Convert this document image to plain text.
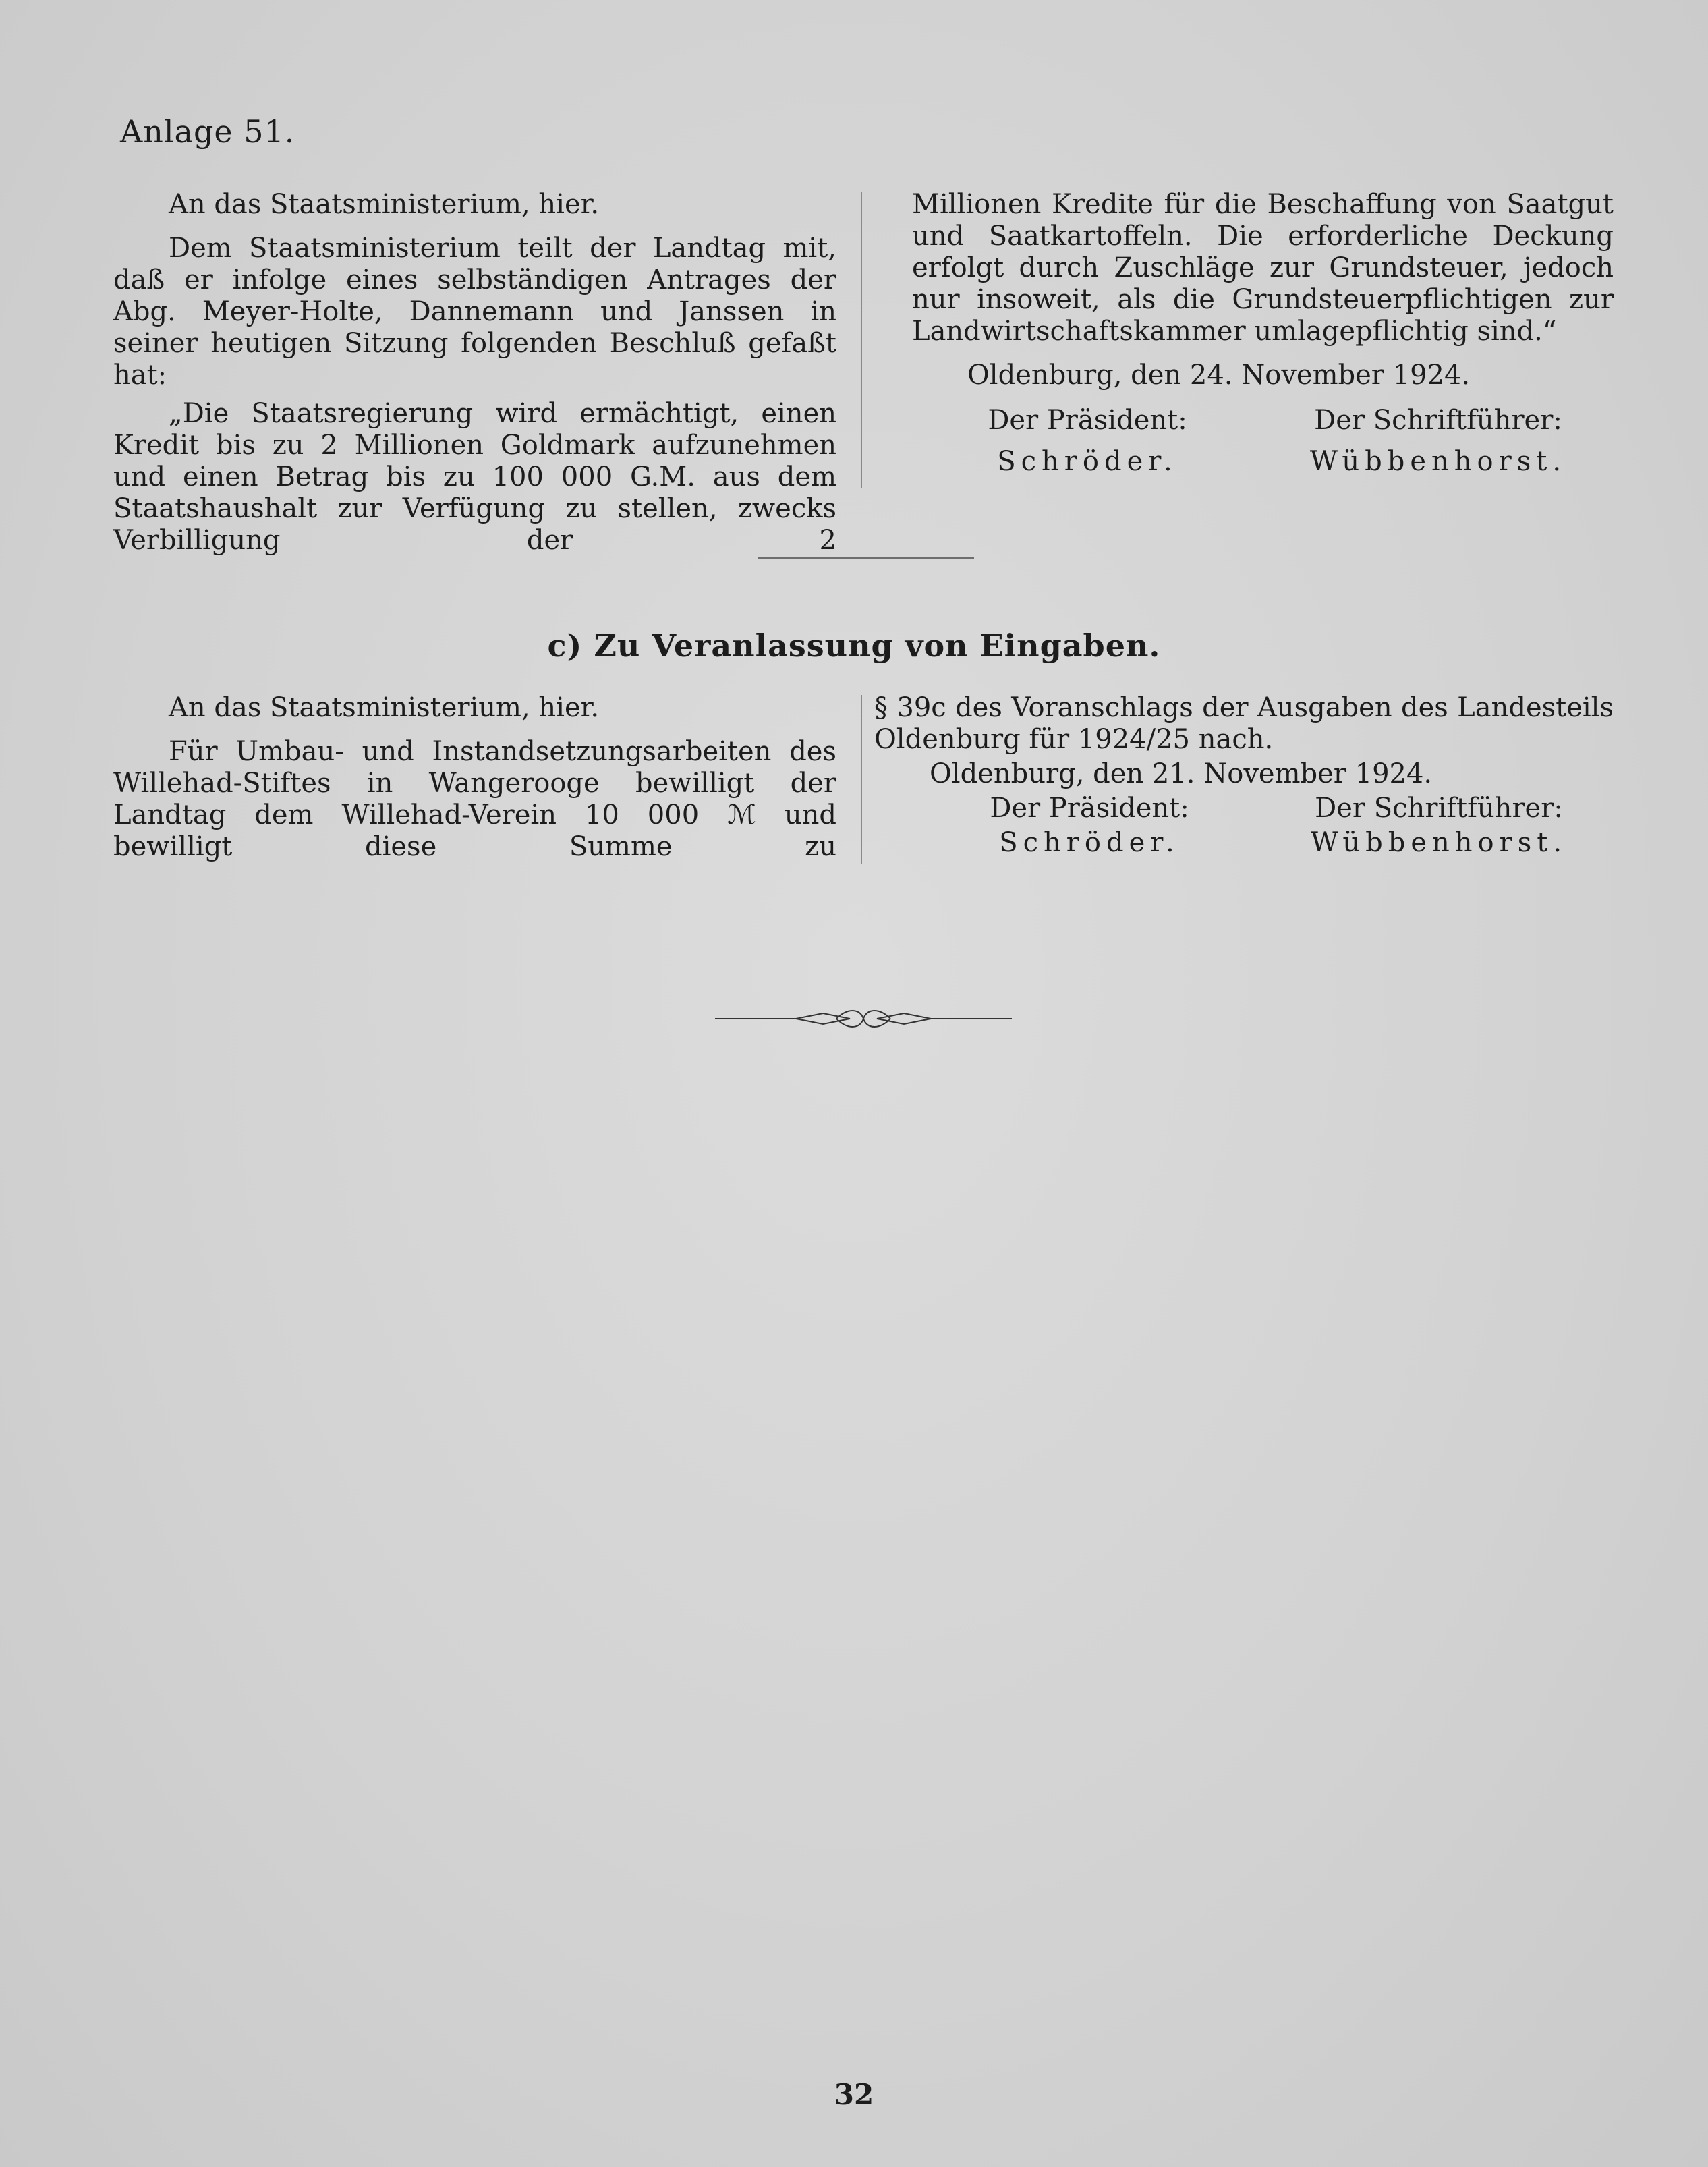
Anlage 51.

An das Staatsministerium, hier.

Dem Staatsministerium teilt der Landtag mit, daß er infolge eines selbständigen Antrages der Abg. Meyer-Holte, Dannemann und Janssen in seiner heutigen Sitzung folgenden Beschluß gefaßt hat:

„Die Staatsregierung wird ermächtigt, einen Kredit bis zu 2 Millionen Goldmark aufzunehmen und einen Betrag bis zu 100 000 G.M. aus dem Staatshaushalt zur Verfügung zu stellen, zwecks Verbilligung der 2

Millionen Kredite für die Beschaffung von Saatgut und Saatkartoffeln. Die erforderliche Deckung erfolgt durch Zuschläge zur Grundsteuer, jedoch nur insoweit, als die Grundsteuerpflichtigen zur Landwirtschaftskammer umlagepflichtig sind.“

Oldenburg, den 24. November 1924.

Der Präsident:	Der Schriftführer:
Schröder.	Wübbenhorst.
c) Zu Veranlassung von Eingaben.

An das Staatsministerium, hier.

Für Umbau- und Instandsetzungsarbeiten des Willehad-Stiftes in Wangerooge bewilligt der Landtag dem Willehad-Verein 10 000 ℳ und bewilligt diese Summe zu

§ 39c des Voranschlags der Ausgaben des Landesteils Oldenburg für 1924/25 nach.

Oldenburg, den 21. November 1924.

Der Präsident:	Der Schriftführer:
Schröder.	Wübbenhorst.
32
